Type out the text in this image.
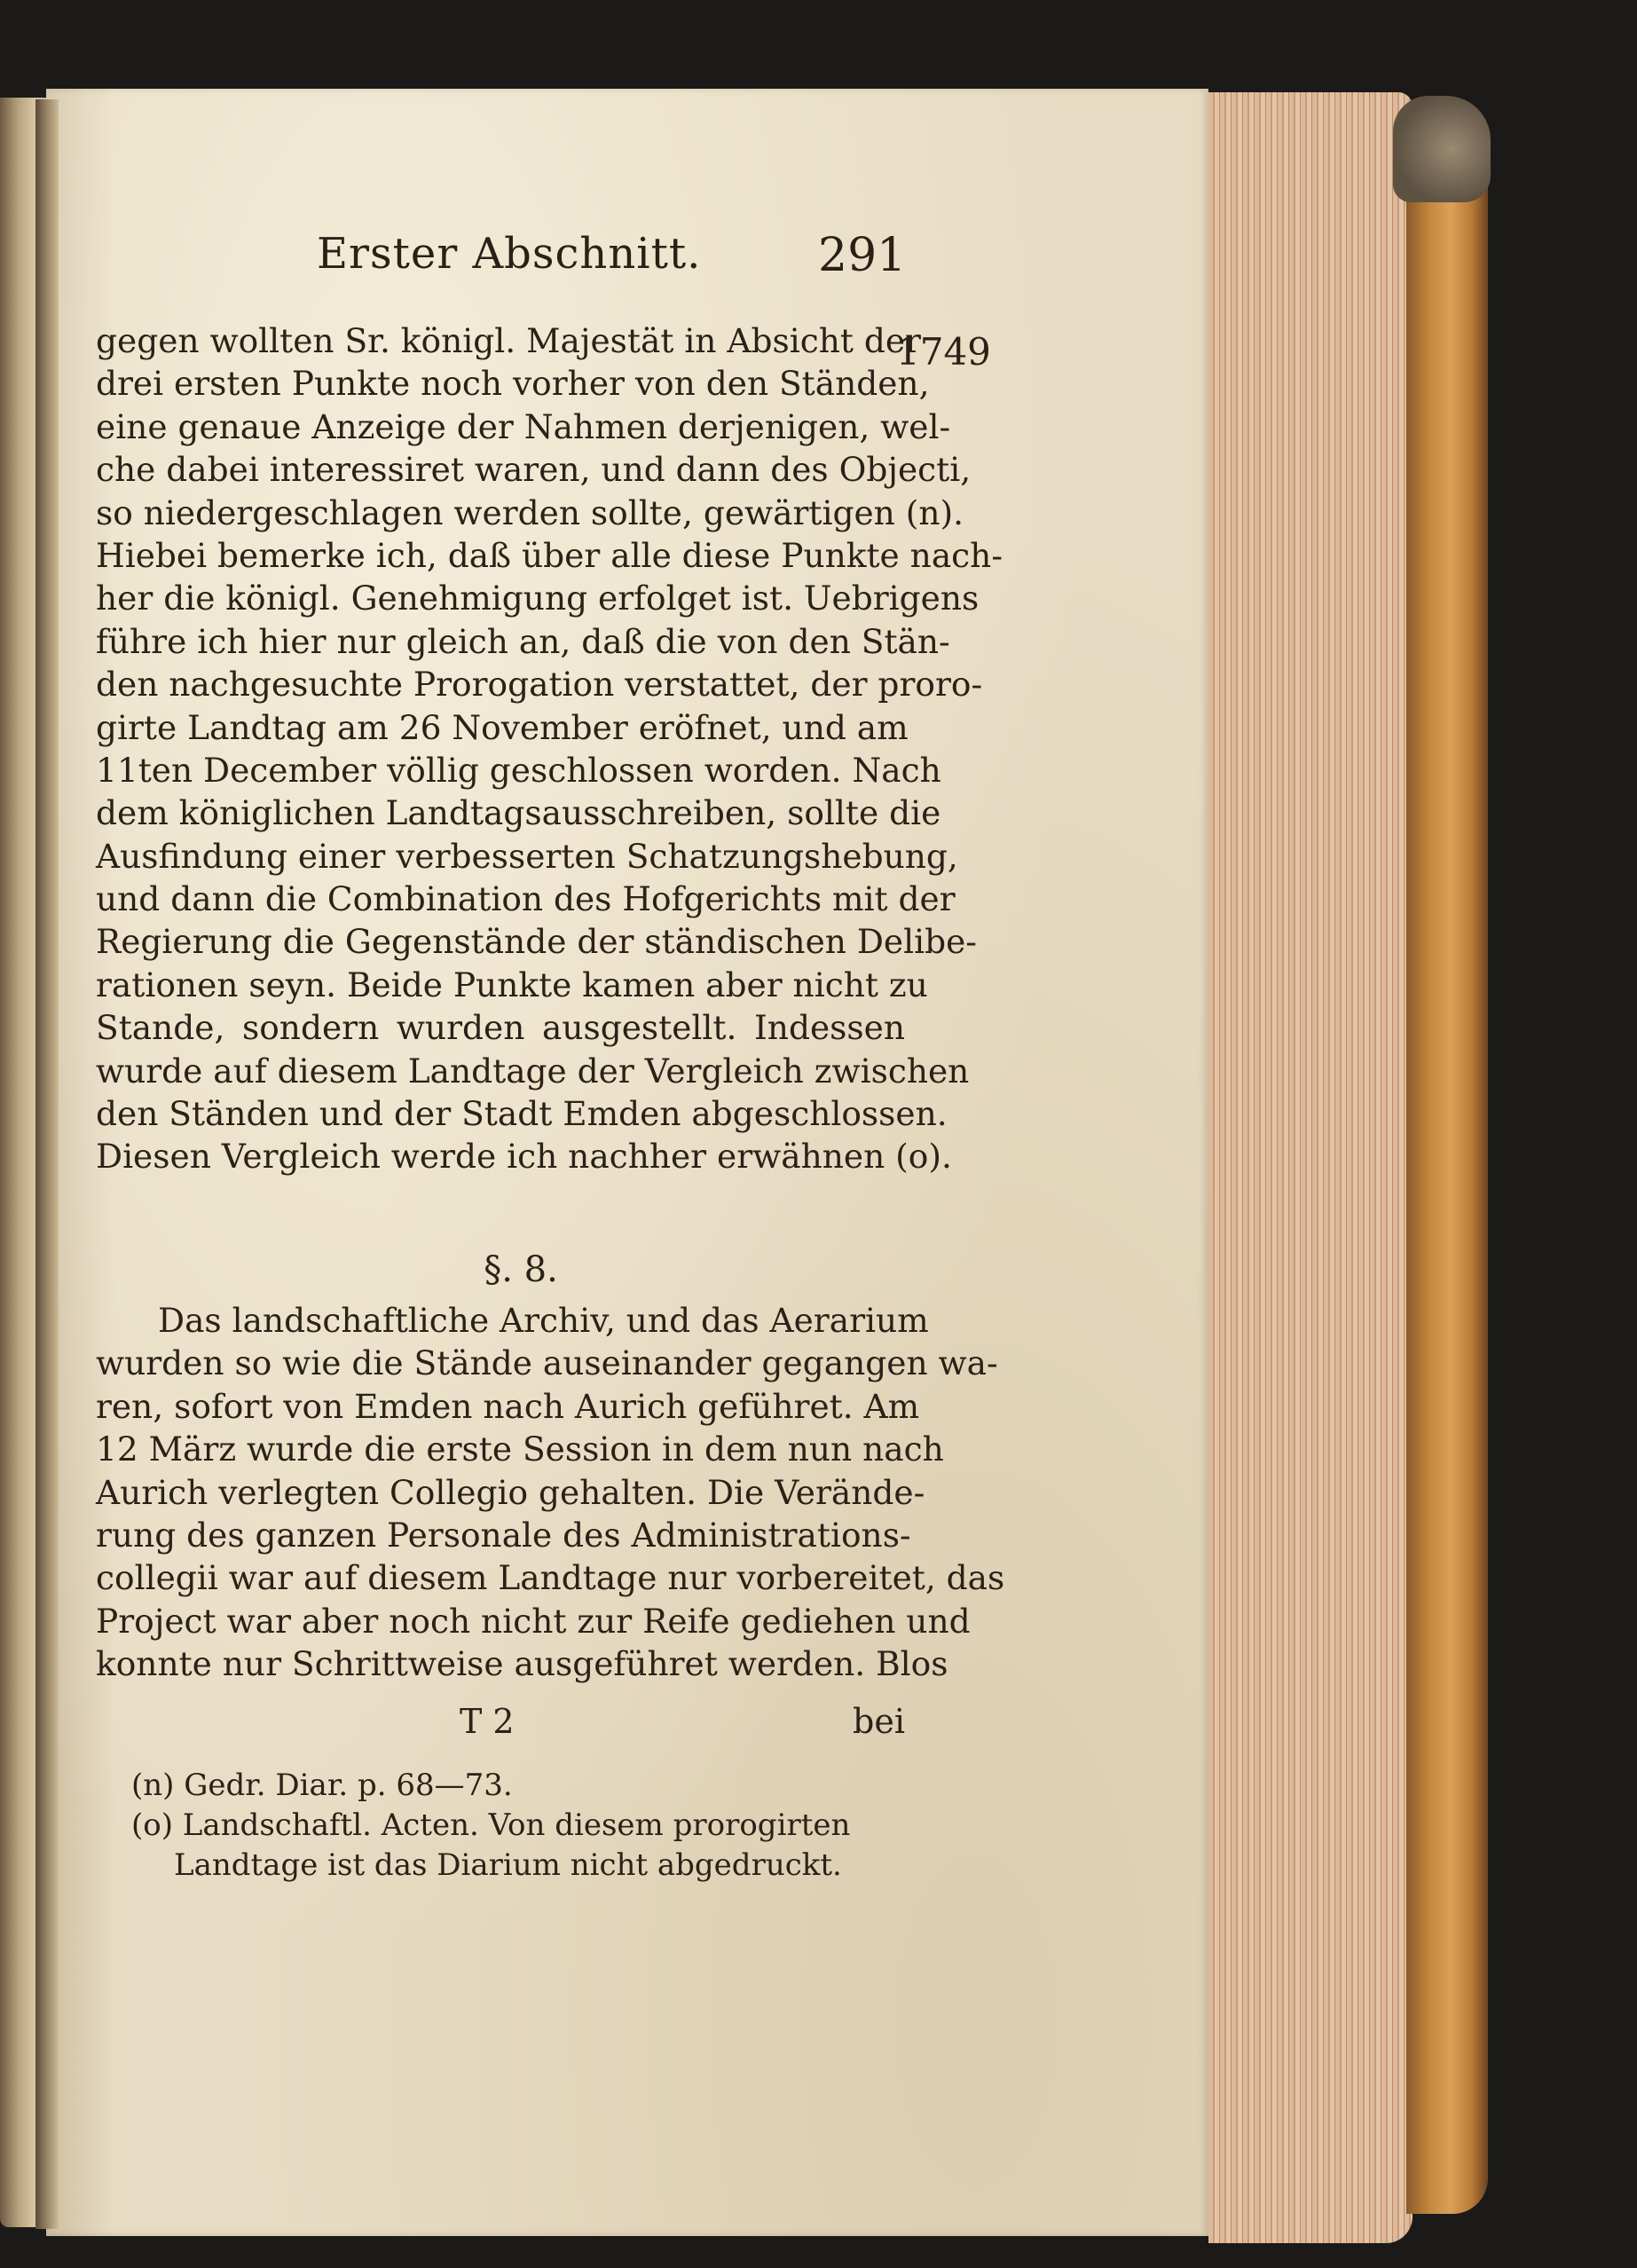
Erster Abschnitt.	291
1749
gegen wollten Sr. königl. Majestät in Absicht der
drei ersten Punkte noch vorher von den Ständen,
eine genaue Anzeige der Nahmen derjenigen, wel-
che dabei interessiret waren, und dann des Objecti,
so niedergeschlagen werden sollte, gewärtigen (n).
Hiebei bemerke ich, daß über alle diese Punkte nach-
her die königl. Genehmigung erfolget ist. Uebrigens
führe ich hier nur gleich an, daß die von den Stän-
den nachgesuchte Prorogation verstattet, der proro-
girte Landtag am 26 November eröfnet, und am
11ten December völlig geschlossen worden. Nach
dem königlichen Landtagsausschreiben, sollte die
Ausfindung einer verbesserten Schatzungshebung,
und dann die Combination des Hofgerichts mit der
Regierung die Gegenstände der ständischen Delibe-
rationen seyn. Beide Punkte kamen aber nicht zu
Stande, sondern wurden ausgestellt. Indessen
wurde auf diesem Landtage der Vergleich zwischen
den Ständen und der Stadt Emden abgeschlossen.
Diesen Vergleich werde ich nachher erwähnen (o).
§. 8.
Das landschaftliche Archiv, und das Aerarium
wurden so wie die Stände auseinander gegangen wa-
ren, sofort von Emden nach Aurich geführet. Am
12 März wurde die erste Session in dem nun nach
Aurich verlegten Collegio gehalten. Die Verände-
rung des ganzen Personale des Administrations-
collegii war auf diesem Landtage nur vorbereitet, das
Project war aber noch nicht zur Reife gediehen und
konnte nur Schrittweise ausgeführet werden. Blos
T 2	bei
(n) Gedr. Diar. p. 68—73.
(o) Landschaftl. Acten. Von diesem prorogirten
Landtage ist das Diarium nicht abgedruckt.
